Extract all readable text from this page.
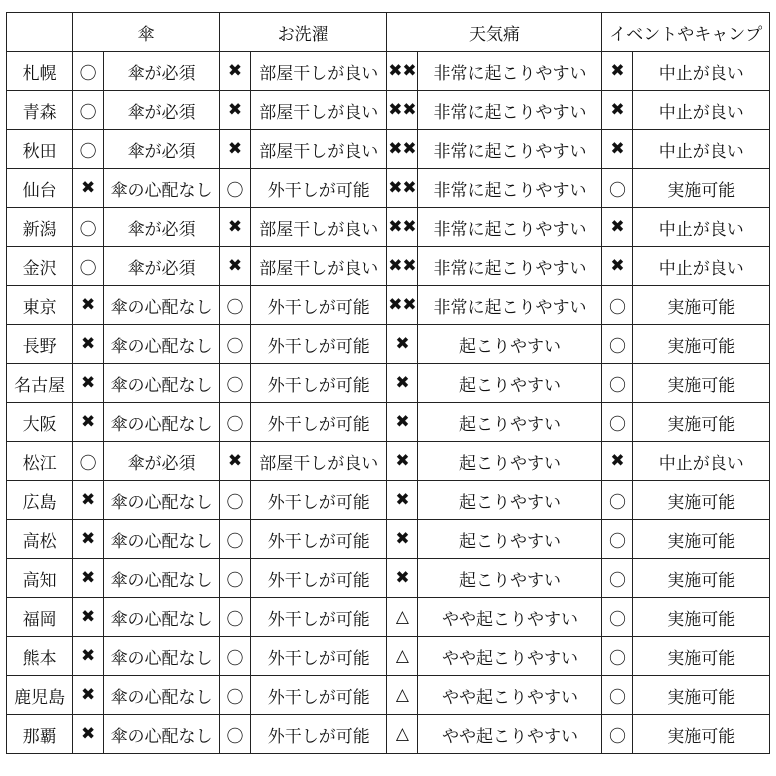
	傘		お洗濯		天気痛		イベントやキャンプ	
札幌	〇	傘が必須	✖	部屋干しが良い	✖✖	非常に起こりやすい	✖	中止が良い
青森	〇	傘が必須	✖	部屋干しが良い	✖✖	非常に起こりやすい	✖	中止が良い
秋田	〇	傘が必須	✖	部屋干しが良い	✖✖	非常に起こりやすい	✖	中止が良い
仙台	✖	傘の心配なし	〇	外干しが可能	✖✖	非常に起こりやすい	〇	実施可能
新潟	〇	傘が必須	✖	部屋干しが良い	✖✖	非常に起こりやすい	✖	中止が良い
金沢	〇	傘が必須	✖	部屋干しが良い	✖✖	非常に起こりやすい	✖	中止が良い
東京	✖	傘の心配なし	〇	外干しが可能	✖✖	非常に起こりやすい	〇	実施可能
長野	✖	傘の心配なし	〇	外干しが可能	✖	起こりやすい	〇	実施可能
名古屋	✖	傘の心配なし	〇	外干しが可能	✖	起こりやすい	〇	実施可能
大阪	✖	傘の心配なし	〇	外干しが可能	✖	起こりやすい	〇	実施可能
松江	〇	傘が必須	✖	部屋干しが良い	✖	起こりやすい	✖	中止が良い
広島	✖	傘の心配なし	〇	外干しが可能	✖	起こりやすい	〇	実施可能
高松	✖	傘の心配なし	〇	外干しが可能	✖	起こりやすい	〇	実施可能
高知	✖	傘の心配なし	〇	外干しが可能	✖	起こりやすい	〇	実施可能
福岡	✖	傘の心配なし	〇	外干しが可能	△	やや起こりやすい	〇	実施可能
熊本	✖	傘の心配なし	〇	外干しが可能	△	やや起こりやすい	〇	実施可能
鹿児島	✖	傘の心配なし	〇	外干しが可能	△	やや起こりやすい	〇	実施可能
那覇	✖	傘の心配なし	〇	外干しが可能	△	やや起こりやすい	〇	実施可能
